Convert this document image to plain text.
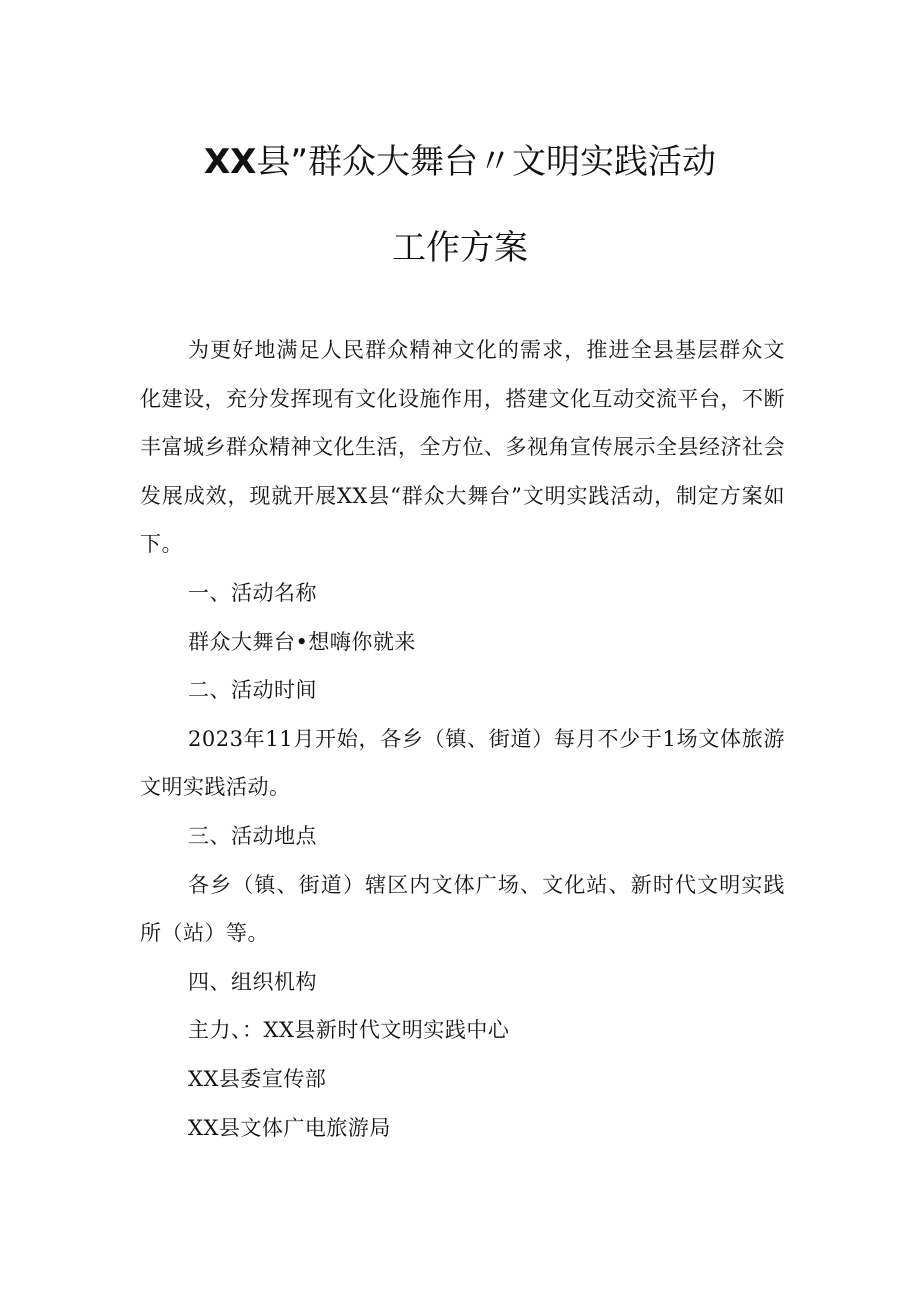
XX县”群众大舞台〃文明实践活动
工作方案

为更好地满足人民群众精神文化的需求，推进全县基层群众文化建设，充分发挥现有文化设施作用，搭建文化互动交流平台，不断丰富城乡群众精神文化生活，全方位、多视角宣传展示全县经济社会发展成效，现就开展XX县“群众大舞台”文明实践活动，制定方案如下。

一、活动名称

群众大舞台•想嗨你就来

二、活动时间

2023年11月开始，各乡（镇、街道）每月不少于1场文体旅游文明实践活动。

三、活动地点

各乡（镇、街道）辖区内文体广场、文化站、新时代文明实践所（站）等。

四、组织机构

主力、：XX县新时代文明实践中心

XX县委宣传部

XX县文体广电旅游局
